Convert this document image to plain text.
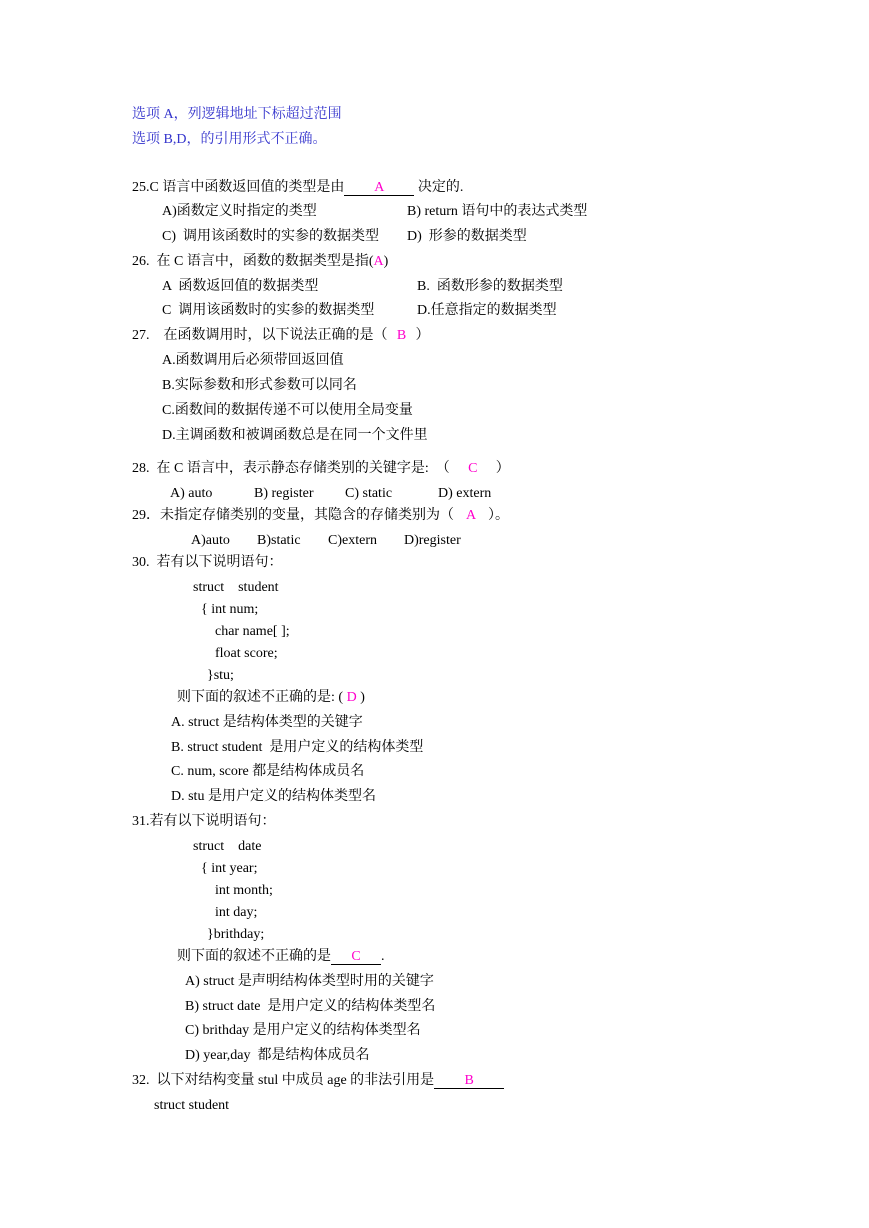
选项 A，列逻辑地址下标超过范围
选项 B,D，的引用形式不正确。
25.C 语言中函数返回值的类型是由 A 决定的.
A)函数定义时指定的类型	B) return 语句中的表达式类型
C)  调用该函数时的实参的数据类型 D)  形参的数据类型
26.  在 C 语言中，函数的数据类型是指(A)
A  函数返回值的数据类型	B.  函数形参的数据类型
C  调用该函数时的实参的数据类型	D.任意指定的数据类型
27.    在函数调用时，以下说法正确的是（ B ）
A.函数调用后必须带回返回值
B.实际参数和形式参数可以同名
C.函数间的数据传递不可以使用全局变量
D.主调函数和被调函数总是在同一个文件里
28.  在 C 语言中，表示静态存储类别的关键字是:  （ C ）
A) auto	B) register C) static	D) extern
29．未指定存储类别的变量，其隐含的存储类别为（ A ）。
A)auto B)static C)extern D)register
30.  若有以下说明语句：
struct    student
{ int num;
char name[ ];
float score;
}stu;
则下面的叙述不正确的是: ( D )
A. struct 是结构体类型的关键字
B. struct student  是用户定义的结构体类型
C. num, score 都是结构体成员名
D. stu 是用户定义的结构体类型名
31.若有以下说明语句：
struct    date
{ int year;
int month;
int day;
}brithday;
则下面的叙述不正确的是 C .
A) struct 是声明结构体类型时用的关键字
B) struct date  是用户定义的结构体类型名
C) brithday 是用户定义的结构体类型名
D) year,day  都是结构体成员名
32.  以下对结构变量 stul 中成员 age 的非法引用是 B
struct student
